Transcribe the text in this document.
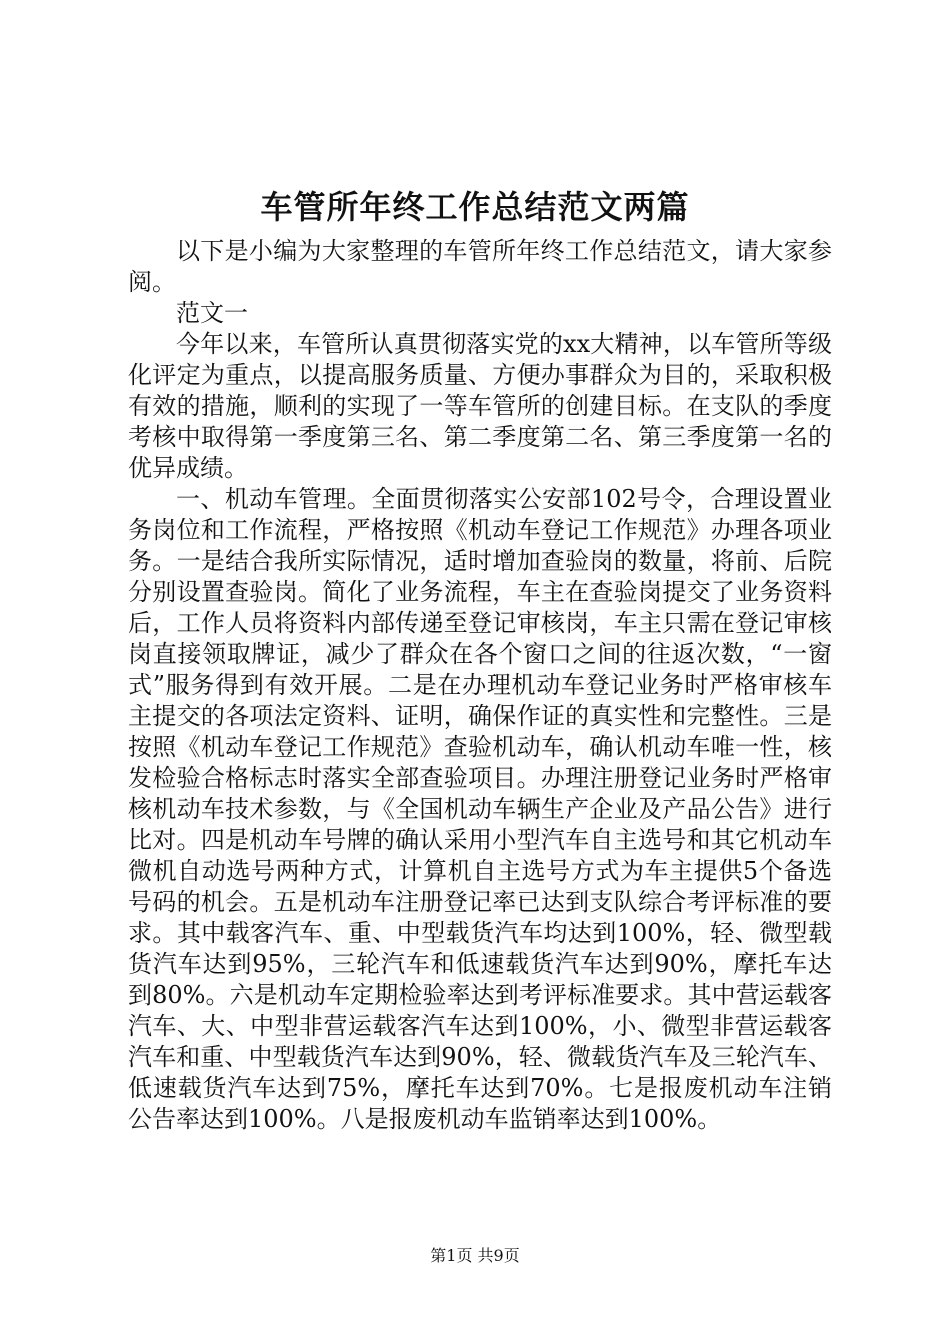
车管所年终工作总结范文两篇

以下是小编为大家整理的车管所年终工作总结范文，请大家参阅。

范文一

今年以来，车管所认真贯彻落实党的xx大精神，以车管所等级化评定为重点，以提高服务质量、方便办事群众为目的，采取积极有效的措施，顺利的实现了一等车管所的创建目标。在支队的季度考核中取得第一季度第三名、第二季度第二名、第三季度第一名的优异成绩。

一、机动车管理。全面贯彻落实公安部102号令，合理设置业务岗位和工作流程，严格按照《机动车登记工作规范》办理各项业务。一是结合我所实际情况，适时增加查验岗的数量，将前、后院分别设置查验岗。简化了业务流程，车主在查验岗提交了业务资料后，工作人员将资料内部传递至登记审核岗，车主只需在登记审核岗直接领取牌证，减少了群众在各个窗口之间的往返次数，“一窗式”服务得到有效开展。二是在办理机动车登记业务时严格审核车主提交的各项法定资料、证明，确保作证的真实性和完整性。三是按照《机动车登记工作规范》查验机动车，确认机动车唯一性，核发检验合格标志时落实全部查验项目。办理注册登记业务时严格审核机动车技术参数，与《全国机动车辆生产企业及产品公告》进行比对。四是机动车号牌的确认采用小型汽车自主选号和其它机动车微机自动选号两种方式，计算机自主选号方式为车主提供5个备选号码的机会。五是机动车注册登记率已达到支队综合考评标准的要求。其中载客汽车、重、中型载货汽车均达到100%，轻、微型载货汽车达到95%，三轮汽车和低速载货汽车达到90%，摩托车达到80%。六是机动车定期检验率达到考评标准要求。其中营运载客汽车、大、中型非营运载客汽车达到100%，小、微型非营运载客汽车和重、中型载货汽车达到90%，轻、微载货汽车及三轮汽车、低速载货汽车达到75%，摩托车达到70%。七是报废机动车注销公告率达到100%。八是报废机动车监销率达到100%。

第1页 共9页
